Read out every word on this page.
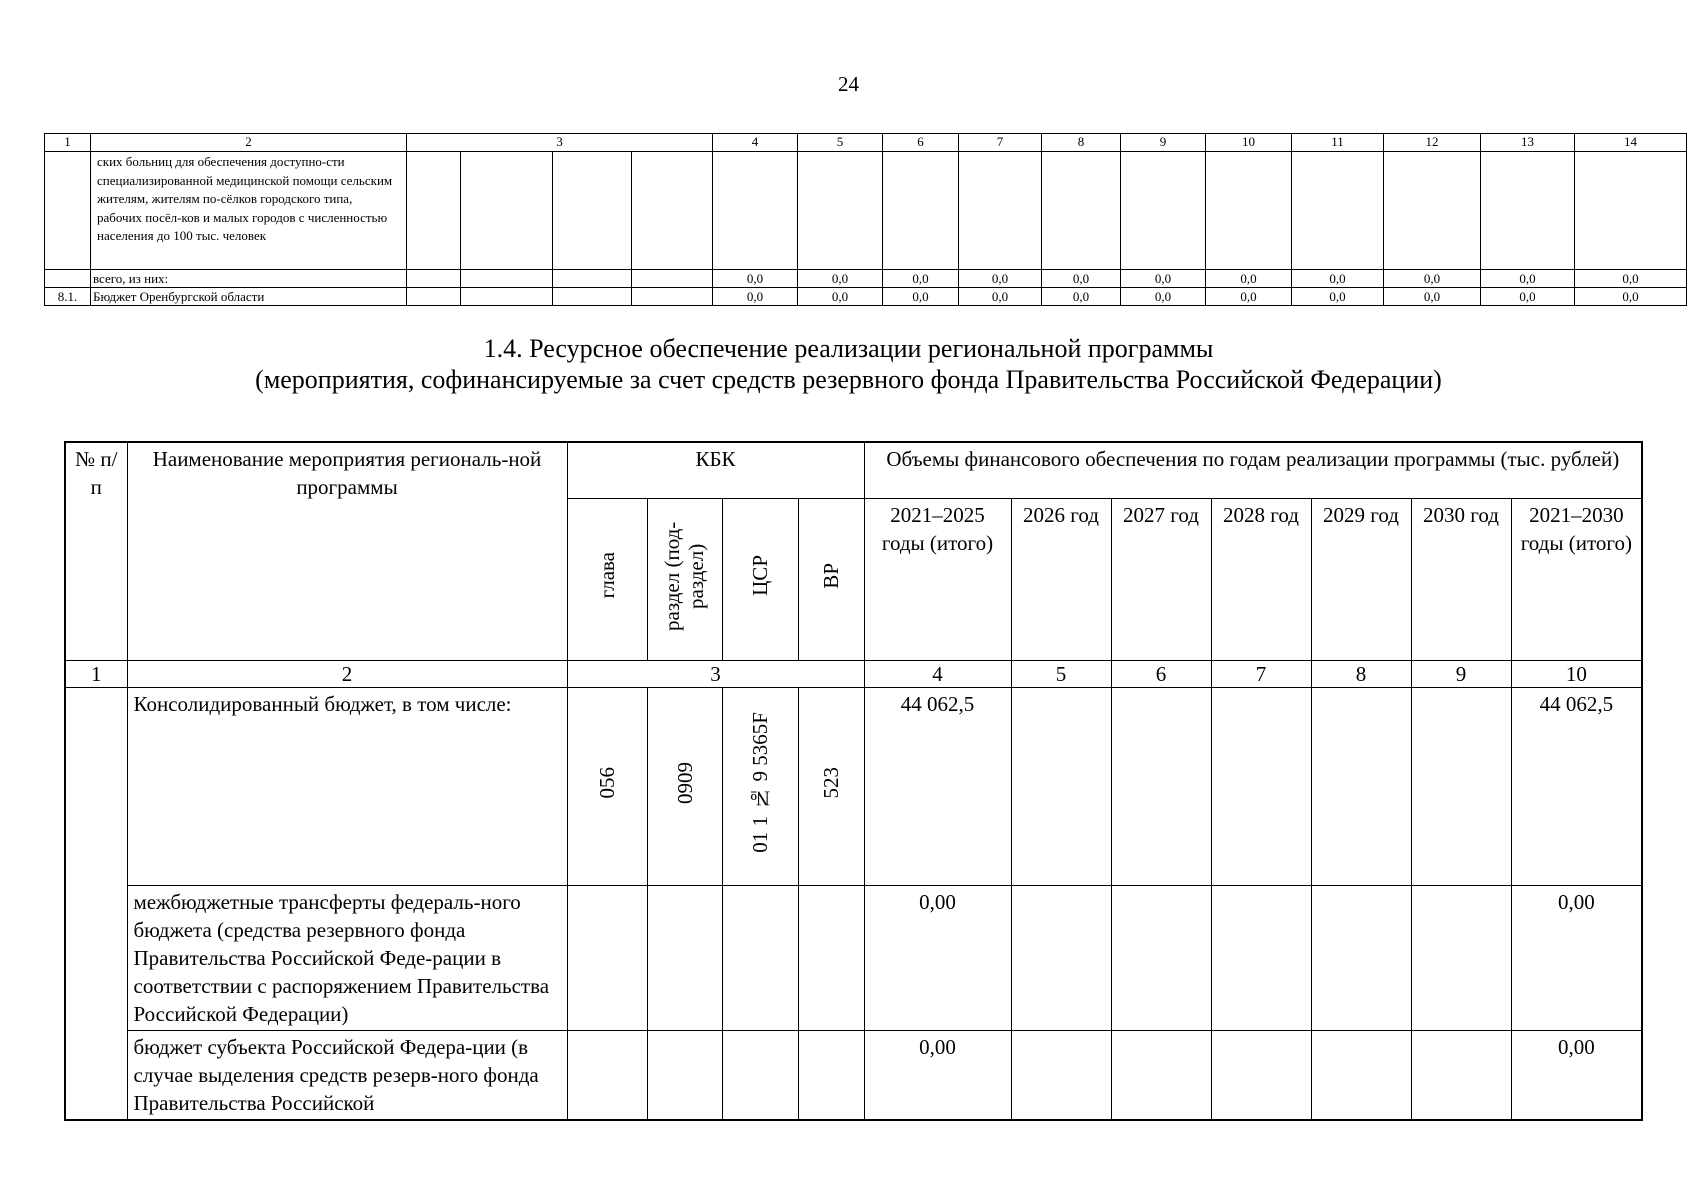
24
1	2	3				4	5	6	7	8	9	10	11	12	13	14
	ских больниц для обеспечения доступно-сти специализированной медицинской помощи сельским жителям, жителям по-сёлков городского типа, рабочих посёл-ков и малых городов с численностью населения до 100 тыс. человек															
	всего, из них:					0,0	0,0	0,0	0,0	0,0	0,0	0,0	0,0	0,0	0,0	0,0
8.1.	Бюджет Оренбургской области					0,0	0,0	0,0	0,0	0,0	0,0	0,0	0,0	0,0	0,0	0,0
1.4. Ресурсное обеспечение реализации региональной программы
(мероприятия, софинансируемые за счет средств резервного фонда Правительства Российской Федерации)
№ п/п	Наименование мероприятия региональ-ной программы	КБК				Объемы финансового обеспечения по годам реализации программы (тыс. рублей)						
		глава	раздел (под-раздел)	ЦСР	ВР	2021–2025 годы (итого)	2026 год	2027 год	2028 год	2029 год	2030 год	2021–2030 годы (итого)
1	2	3				4	5	6	7	8	9	10
	Консолидированный бюджет, в том числе:	056	0909	01 1 № 9 5365F	523	44 062,5						44 062,5
	межбюджетные трансферты федераль-ного бюджета (средства резервного фонда Правительства Российской Феде-рации в соответствии с распоряжением Правительства Российской Федерации)					0,00						0,00
	бюджет субъекта Российской Федера-ции (в случае выделения средств резерв-ного фонда Правительства Российской					0,00						0,00
